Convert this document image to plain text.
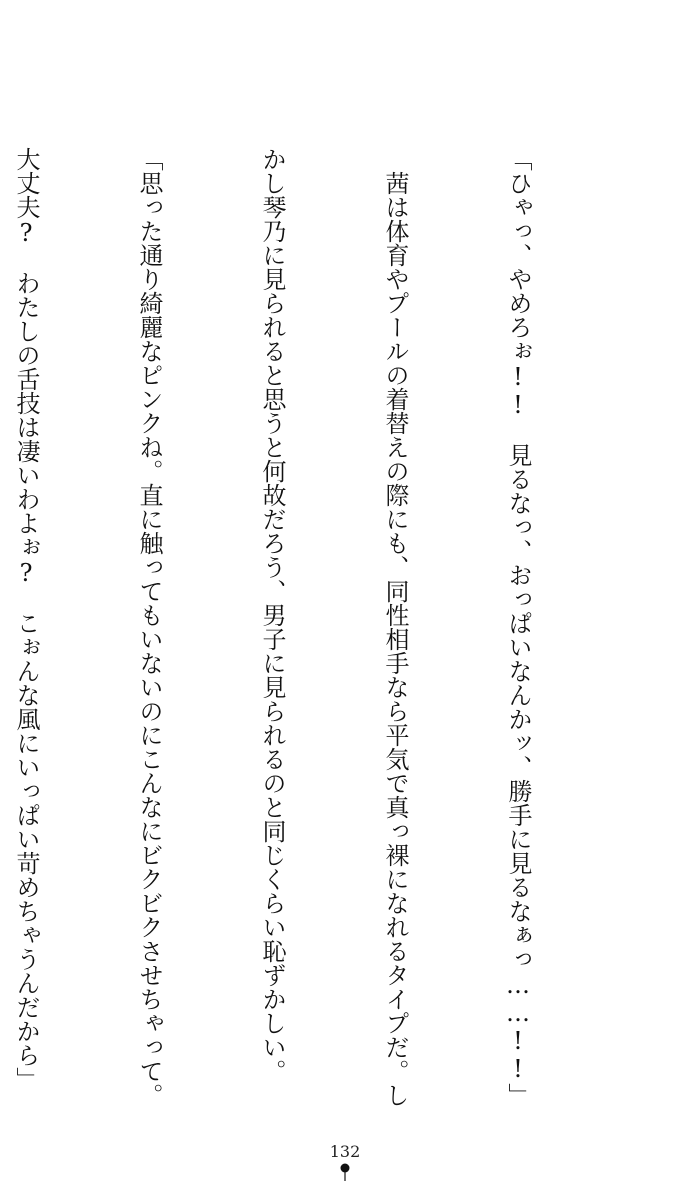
「ひゃっ、やめろぉ!!　見るなっ、おっぱいなんかッ、勝手に見るなぁっ……!!」

　茜は体育やプールの着替えの際にも、同性相手なら平気で真っ裸になれるタイプだ。し

かし琴乃に見られると思うと何故だろう、男子に見られるのと同じくらい恥ずかしい。

「思った通り綺麗なピンクね。直に触ってもいないのにこんなにビクビクさせちゃって。

大丈夫?　わたしの舌技は凄いわよぉ?　こぉんな風にいっぱい苛めちゃうんだから」

132
